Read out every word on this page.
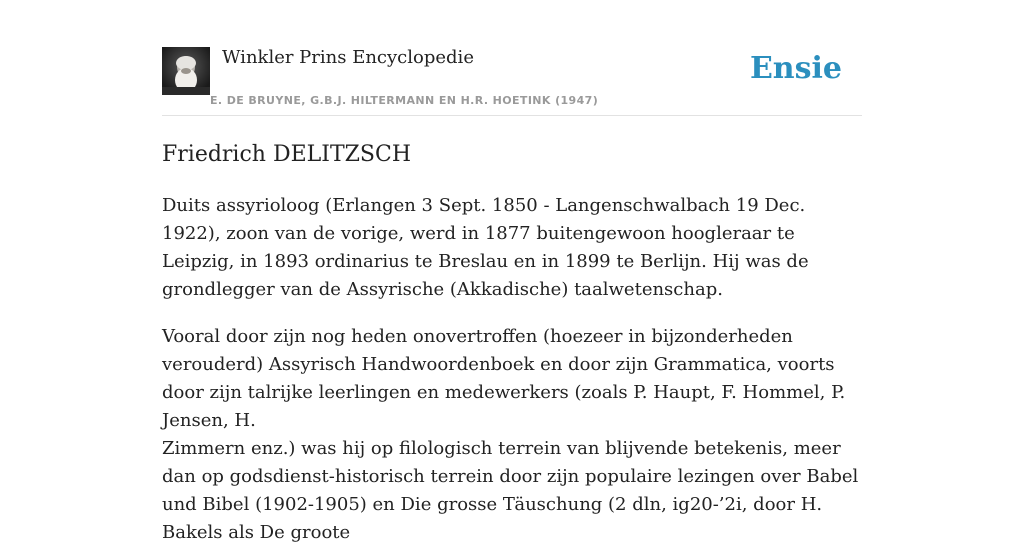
Winkler Prins Encyclopedie
E. DE BRUYNE, G.B.J. HILTERMANN EN H.R. HOETINK (1947)
Ensie
Friedrich DELITZSCH

Duits assyrioloog (Erlangen 3 Sept. 1850 - Langenschwalbach 19 Dec. 1922), zoon van de vorige, werd in 1877 buitengewoon hoogleraar te Leipzig, in 1893 ordinarius te Breslau en in 1899 te Berlijn. Hij was de grondlegger van de Assyrische (Akkadische) taalwetenschap.

Vooral door zijn nog heden onovertroffen (hoezeer in bijzonderheden verouderd) Assyrisch Handwoordenboek en door zijn Grammatica, voorts door zijn talrijke leerlingen en medewerkers (zoals P. Haupt, F. Hommel, P. Jensen, H.

Zimmern enz.) was hij op filologisch terrein van blijvende betekenis, meer dan op godsdienst-historisch terrein door zijn populaire lezingen over Babel und Bibel (1902-1905) en Die grosse Täuschung (2 dln, ig20-’2i, door H. Bakels als De groote
